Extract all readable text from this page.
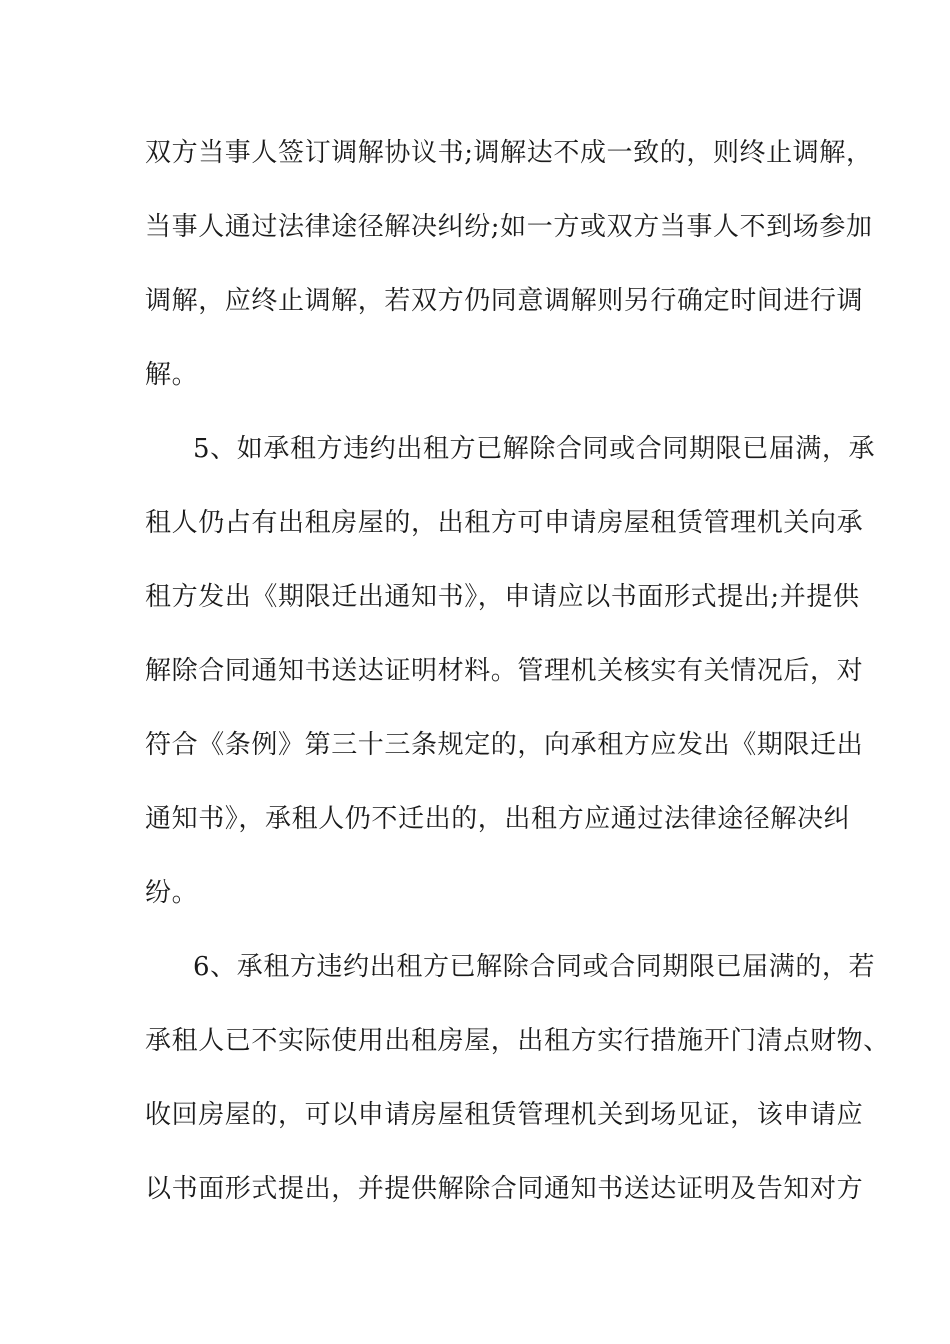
双方当事人签订调解协议书;调解达不成一致的，则终止调解，
当事人通过法律途径解决纠纷;如一方或双方当事人不到场参加
调解，应终止调解，若双方仍同意调解则另行确定时间进行调
解。
5、如承租方违约出租方已解除合同或合同期限已届满，承
租人仍占有出租房屋的，出租方可申请房屋租赁管理机关向承
租方发出《期限迁出通知书》，申请应以书面形式提出;并提供
解除合同通知书送达证明材料。管理机关核实有关情况后，对
符合《条例》第三十三条规定的，向承租方应发出《期限迁出
通知书》，承租人仍不迁出的，出租方应通过法律途径解决纠
纷。
6、承租方违约出租方已解除合同或合同期限已届满的，若
承租人已不实际使用出租房屋，出租方实行措施开门清点财物、
收回房屋的，可以申请房屋租赁管理机关到场见证，该申请应
以书面形式提出，并提供解除合同通知书送达证明及告知对方
